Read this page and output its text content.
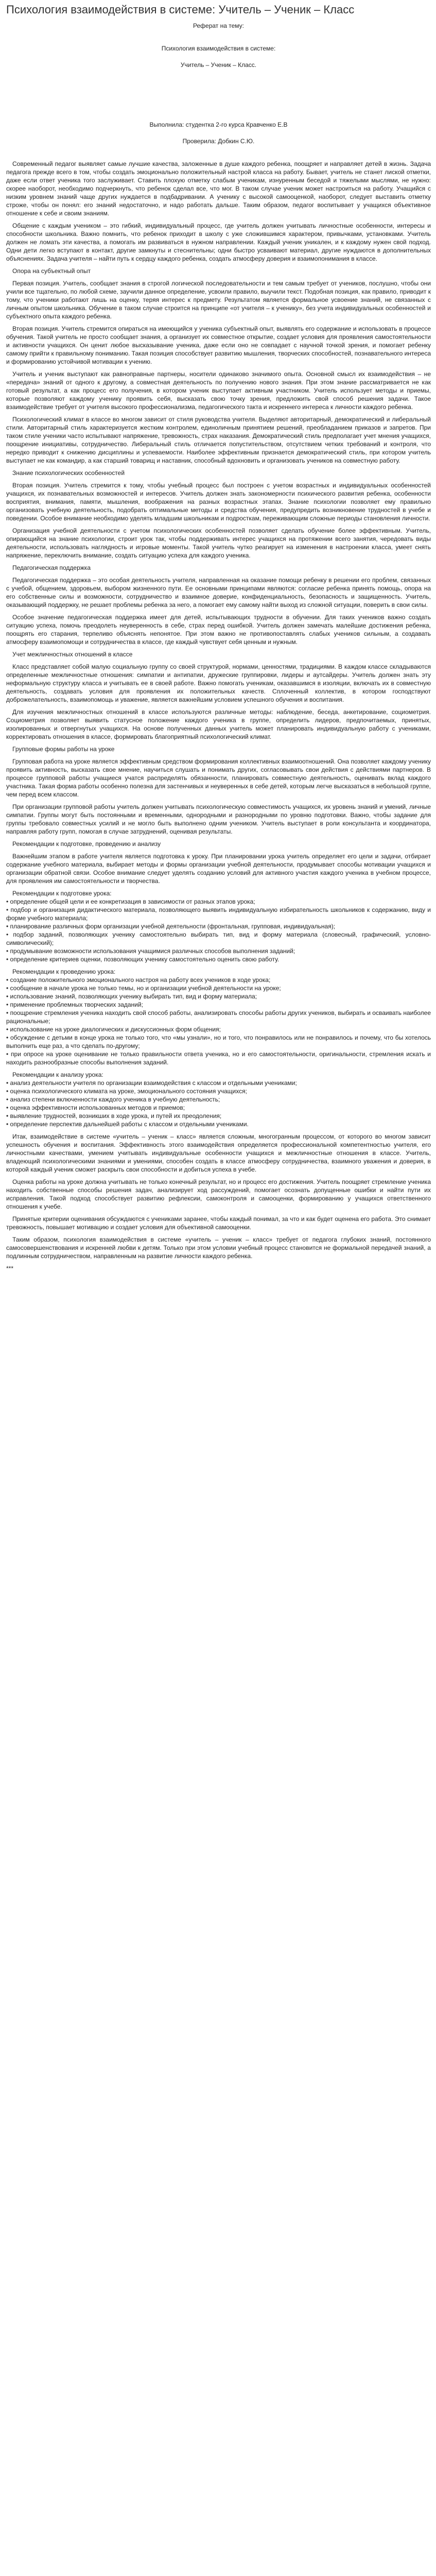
Психология взаимодействия в системе: Учитель – Ученик – Класс

Реферат на тему:

Психология взаимодействия в системе:

Учитель – Ученик – Класс.

Выполнила: студентка 2-го курса Кравченко Е.В

Проверила: Добкин С.Ю.

Современный педагог выявляет самые лучшие качества, заложенные в душе каждого ребенка, поощряет и направляет детей в жизнь. Задача педагога прежде всего в том, чтобы создать эмоционально положительный настрой класса на работу. Бывает, учитель не станет лиской отметки, даже если ответ ученика того заслуживает. Ставить плохую отметку слабым ученикам, изнуренным беседой и тяжелыми мыслями, не нужно: скорее наоборот, необходимо подчеркнуть, что ребенок сделал все, что мог. В таком случае ученик может настроиться на работу. Учащийся с низким уровнем знаний чаще других нуждается в подбадривании. А ученику с высокой самооценкой, наоборот, следует выставить отметку строже, чтобы он понял: его знаний недостаточно, и надо работать дальше. Таким образом, педагог воспитывает у учащихся объективное отношение к себе и своим знаниям.

Общение с каждым учеником – это гибкий, индивидуальный процесс, где учитель должен учитывать личностные особенности, интересы и способности школьника. Важно помнить, что ребенок приходит в школу с уже сложившимся характером, привычками, установками. Учитель должен не ломать эти качества, а помогать им развиваться в нужном направлении. Каждый ученик уникален, и к каждому нужен свой подход. Одни дети легко вступают в контакт, другие замкнуты и стеснительны; одни быстро усваивают материал, другие нуждаются в дополнительных объяснениях. Задача учителя – найти путь к сердцу каждого ребенка, создать атмосферу доверия и взаимопонимания в классе.

Опора на субъектный опыт

Первая позиция. Учитель, сообщает знания в строгой логической последовательности и тем самым требует от учеников, послушно, чтобы они учили все тщательно, по любой схеме, заучили данное определение, усвоили правило, выучили текст. Подобная позиция, как правило, приводит к тому, что ученики работают лишь на оценку, теряя интерес к предмету. Результатом является формальное усвоение знаний, не связанных с личным опытом школьника. Обучение в таком случае строится на принципе «от учителя – к ученику», без учета индивидуальных особенностей и субъектного опыта каждого ребенка.

Вторая позиция. Учитель стремится опираться на имеющийся у ученика субъектный опыт, выявлять его содержание и использовать в процессе обучения. Такой учитель не просто сообщает знания, а организует их совместное открытие, создает условия для проявления самостоятельности и активности учащихся. Он ценит любое высказывание ученика, даже если оно не совпадает с научной точкой зрения, и помогает ребенку самому прийти к правильному пониманию. Такая позиция способствует развитию мышления, творческих способностей, познавательного интереса и формированию устойчивой мотивации к учению.

Учитель и ученик выступают как равноправные партнеры, носители одинаково значимого опыта. Основной смысл их взаимодействия – не «передача» знаний от одного к другому, а совместная деятельность по получению нового знания. При этом знание рассматривается не как готовый результат, а как процесс его получения, в котором ученик выступает активным участником. Учитель использует методы и приемы, которые позволяют каждому ученику проявить себя, высказать свою точку зрения, предложить свой способ решения задачи. Такое взаимодействие требует от учителя высокого профессионализма, педагогического такта и искреннего интереса к личности каждого ребенка.

Психологический климат в классе во многом зависит от стиля руководства учителя. Выделяют авторитарный, демократический и либеральный стили. Авторитарный стиль характеризуется жестким контролем, единоличным принятием решений, преобладанием приказов и запретов. При таком стиле ученики часто испытывают напряжение, тревожность, страх наказания. Демократический стиль предполагает учет мнения учащихся, поощрение инициативы, сотрудничество. Либеральный стиль отличается попустительством, отсутствием четких требований и контроля, что нередко приводит к снижению дисциплины и успеваемости. Наиболее эффективным признается демократический стиль, при котором учитель выступает не как командир, а как старший товарищ и наставник, способный вдохновить и организовать учеников на совместную работу.

Знание психологических особенностей

Вторая позиция. Учитель стремится к тому, чтобы учебный процесс был построен с учетом возрастных и индивидуальных особенностей учащихся, их познавательных возможностей и интересов. Учитель должен знать закономерности психического развития ребенка, особенности восприятия, внимания, памяти, мышления, воображения на разных возрастных этапах. Знание психологии позволяет ему правильно организовать учебную деятельность, подобрать оптимальные методы и средства обучения, предупредить возникновение трудностей в учебе и поведении. Особое внимание необходимо уделять младшим школьникам и подросткам, переживающим сложные периоды становления личности.

Организация учебной деятельности с учетом психологических особенностей позволяет сделать обучение более эффективным. Учитель, опирающийся на знание психологии, строит урок так, чтобы поддерживать интерес учащихся на протяжении всего занятия, чередовать виды деятельности, использовать наглядность и игровые моменты. Такой учитель чутко реагирует на изменения в настроении класса, умеет снять напряжение, переключить внимание, создать ситуацию успеха для каждого ученика.

Педагогическая поддержка

Педагогическая поддержка – это особая деятельность учителя, направленная на оказание помощи ребенку в решении его проблем, связанных с учебой, общением, здоровьем, выбором жизненного пути. Ее основными принципами являются: согласие ребенка принять помощь, опора на его собственные силы и возможности, сотрудничество и взаимное доверие, конфиденциальность, безопасность и защищенность. Учитель, оказывающий поддержку, не решает проблемы ребенка за него, а помогает ему самому найти выход из сложной ситуации, поверить в свои силы.

Особое значение педагогическая поддержка имеет для детей, испытывающих трудности в обучении. Для таких учеников важно создать ситуацию успеха, помочь преодолеть неуверенность в себе, страх перед ошибкой. Учитель должен замечать малейшие достижения ребенка, поощрять его старания, терпеливо объяснять непонятое. При этом важно не противопоставлять слабых учеников сильным, а создавать атмосферу взаимопомощи и сотрудничества в классе, где каждый чувствует себя ценным и нужным.

Учет межличностных отношений в классе

Класс представляет собой малую социальную группу со своей структурой, нормами, ценностями, традициями. В каждом классе складываются определенные межличностные отношения: симпатии и антипатии, дружеские группировки, лидеры и аутсайдеры. Учитель должен знать эту неформальную структуру класса и учитывать ее в своей работе. Важно помогать ученикам, оказавшимся в изоляции, включать их в совместную деятельность, создавать условия для проявления их положительных качеств. Сплоченный коллектив, в котором господствуют доброжелательность, взаимопомощь и уважение, является важнейшим условием успешного обучения и воспитания.

Для изучения межличностных отношений в классе используются различные методы: наблюдение, беседа, анкетирование, социометрия. Социометрия позволяет выявить статусное положение каждого ученика в группе, определить лидеров, предпочитаемых, принятых, изолированных и отвергнутых учащихся. На основе полученных данных учитель может планировать индивидуальную работу с учениками, корректировать отношения в классе, формировать благоприятный психологический климат.

Групповые формы работы на уроке

Групповая работа на уроке является эффективным средством формирования коллективных взаимоотношений. Она позволяет каждому ученику проявить активность, высказать свое мнение, научиться слушать и понимать других, согласовывать свои действия с действиями партнеров. В процессе групповой работы учащиеся учатся распределять обязанности, планировать совместную деятельность, оценивать вклад каждого участника. Такая форма работы особенно полезна для застенчивых и неуверенных в себе детей, которым легче высказаться в небольшой группе, чем перед всем классом.

При организации групповой работы учитель должен учитывать психологическую совместимость учащихся, их уровень знаний и умений, личные симпатии. Группы могут быть постоянными и временными, однородными и разнородными по уровню подготовки. Важно, чтобы задание для группы требовало совместных усилий и не могло быть выполнено одним учеником. Учитель выступает в роли консультанта и координатора, направляя работу групп, помогая в случае затруднений, оценивая результаты.

Рекомендации к подготовке, проведению и анализу

Важнейшим этапом в работе учителя является подготовка к уроку. При планировании урока учитель определяет его цели и задачи, отбирает содержание учебного материала, выбирает методы и формы организации учебной деятельности, продумывает способы мотивации учащихся и организации обратной связи. Особое внимание следует уделять созданию условий для активного участия каждого ученика в учебном процессе, для проявления им самостоятельности и творчества.

Рекомендации к подготовке урока:

• определение общей цели и ее конкретизация в зависимости от разных этапов урока;

• подбор и организация дидактического материала, позволяющего выявить индивидуальную избирательность школьников к содержанию, виду и форме учебного материала;

• планирование различных форм организации учебной деятельности (фронтальная, групповая, индивидуальная);

• подбор заданий, позволяющих ученику самостоятельно выбирать тип, вид и форму материала (словесный, графический, условно-символический);

• продумывание возможности использования учащимися различных способов выполнения заданий;

• определение критериев оценки, позволяющих ученику самостоятельно оценить свою работу.

Рекомендации к проведению урока:

• создание положительного эмоционального настроя на работу всех учеников в ходе урока;

• сообщение в начале урока не только темы, но и организации учебной деятельности на уроке;

• использование знаний, позволяющих ученику выбирать тип, вид и форму материала;

• применение проблемных творческих заданий;

• поощрение стремления ученика находить свой способ работы, анализировать способы работы других учеников, выбирать и осваивать наиболее рациональные;

• использование на уроке диалогических и дискуссионных форм общения;

• обсуждение с детьми в конце урока не только того, что «мы узнали», но и того, что понравилось или не понравилось и почему, что бы хотелось выполнить еще раз, а что сделать по-другому;

• при опросе на уроке оценивание не только правильности ответа ученика, но и его самостоятельности, оригинальности, стремления искать и находить разнообразные способы выполнения заданий.

Рекомендации к анализу урока:

• анализ деятельности учителя по организации взаимодействия с классом и отдельными учениками;

• оценка психологического климата на уроке, эмоционального состояния учащихся;

• анализ степени включенности каждого ученика в учебную деятельность;

• оценка эффективности использованных методов и приемов;

• выявление трудностей, возникших в ходе урока, и путей их преодоления;

• определение перспектив дальнейшей работы с классом и отдельными учениками.

Итак, взаимодействие в системе «учитель – ученик – класс» является сложным, многогранным процессом, от которого во многом зависит успешность обучения и воспитания. Эффективность этого взаимодействия определяется профессиональной компетентностью учителя, его личностными качествами, умением учитывать индивидуальные особенности учащихся и межличностные отношения в классе. Учитель, владеющий психологическими знаниями и умениями, способен создать в классе атмосферу сотрудничества, взаимного уважения и доверия, в которой каждый ученик сможет раскрыть свои способности и добиться успеха в учебе.

Оценка работы на уроке должна учитывать не только конечный результат, но и процесс его достижения. Учитель поощряет стремление ученика находить собственные способы решения задач, анализирует ход рассуждений, помогает осознать допущенные ошибки и найти пути их исправления. Такой подход способствует развитию рефлексии, самоконтроля и самооценки, формированию у учащихся ответственного отношения к учебе.

Принятые критерии оценивания обсуждаются с учениками заранее, чтобы каждый понимал, за что и как будет оценена его работа. Это снимает тревожность, повышает мотивацию и создает условия для объективной самооценки.

Таким образом, психология взаимодействия в системе «учитель – ученик – класс» требует от педагога глубоких знаний, постоянного самосовершенствования и искренней любви к детям. Только при этом условии учебный процесс становится не формальной передачей знаний, а подлинным сотрудничеством, направленным на развитие личности каждого ребенка.

***
